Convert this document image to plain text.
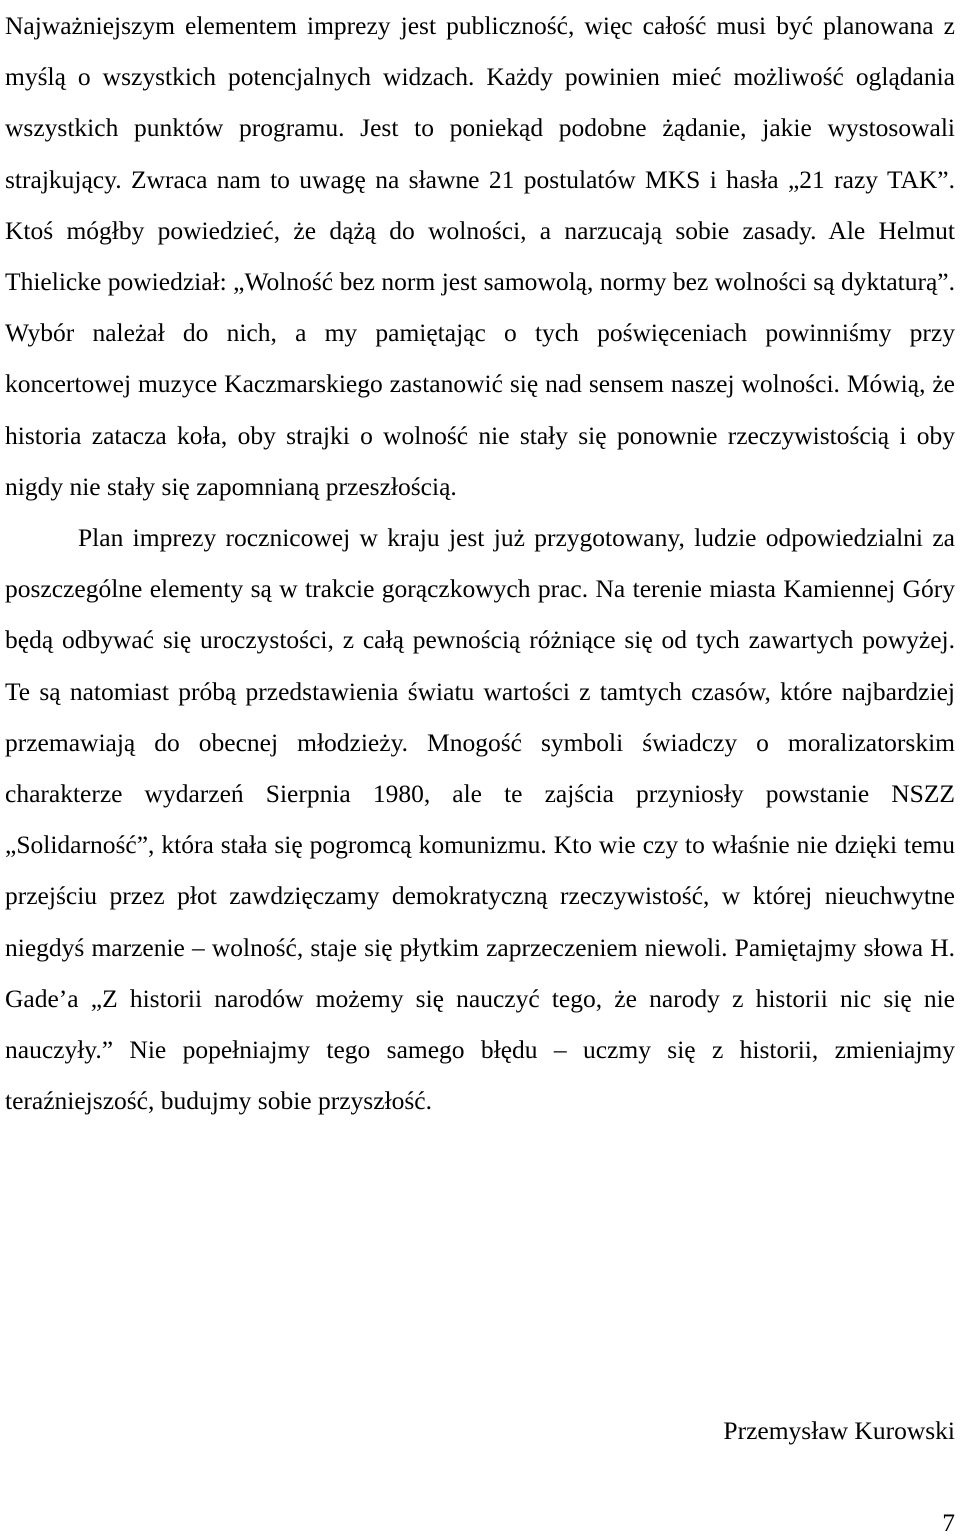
Najważniejszym elementem imprezy jest publiczność, więc całość musi być planowana z myślą o wszystkich potencjalnych widzach. Każdy powinien mieć możliwość oglądania wszystkich punktów programu. Jest to poniekąd podobne żądanie, jakie wystosowali strajkujący. Zwraca nam to uwagę na sławne 21 postulatów MKS i hasła „21 razy TAK”. Ktoś mógłby powiedzieć, że dążą do wolności, a narzucają sobie zasady. Ale Helmut Thielicke powiedział: „Wolność bez norm jest samowolą, normy bez wolności są dyktaturą”. Wybór należał do nich, a my pamiętając o tych poświęceniach powinniśmy przy koncertowej muzyce Kaczmarskiego zastanowić się nad sensem naszej wolności. Mówią, że historia zatacza koła, oby strajki o wolność nie stały się ponownie rzeczywistością i oby nigdy nie stały się zapomnianą przeszłością.

Plan imprezy rocznicowej w kraju jest już przygotowany, ludzie odpowiedzialni za poszczególne elementy są w trakcie gorączkowych prac. Na terenie miasta Kamiennej Góry będą odbywać się uroczystości, z całą pewnością różniące się od tych zawartych powyżej. Te są natomiast próbą przedstawienia światu wartości z tamtych czasów, które najbardziej przemawiają do obecnej młodzieży. Mnogość symboli świadczy o moralizatorskim charakterze wydarzeń Sierpnia 1980, ale te zajścia przyniosły powstanie NSZZ „Solidarność”, która stała się pogromcą komunizmu. Kto wie czy to właśnie nie dzięki temu przejściu przez płot zawdzięczamy demokratyczną rzeczywistość, w której nieuchwytne niegdyś marzenie – wolność, staje się płytkim zaprzeczeniem niewoli. Pamiętajmy słowa H. Gade’a „Z historii narodów możemy się nauczyć tego, że narody z historii nic się nie nauczyły.” Nie popełniajmy tego samego błędu – uczmy się z historii, zmieniajmy teraźniejszość, budujmy sobie przyszłość.

Przemysław Kurowski
7
